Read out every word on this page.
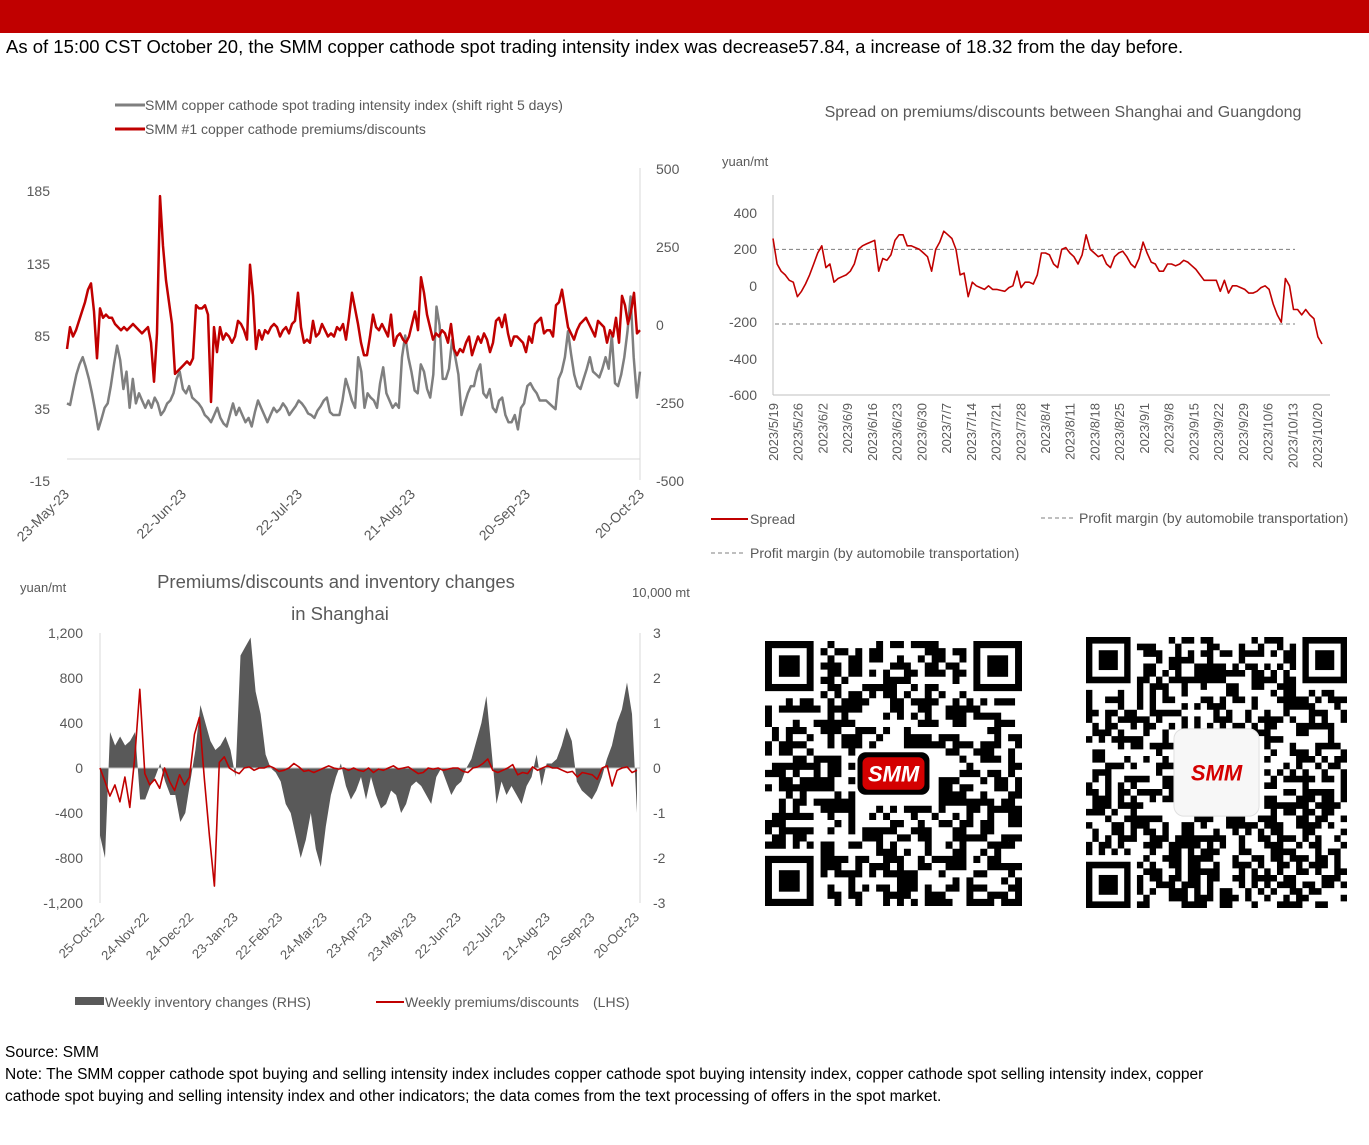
As of 15:00 CST October 20, the SMM copper cathode spot trading intensity index was decrease57.84, a increase of 18.32 from the day before.
SMM copper cathode spot trading intensity index (shift right 5 days)
SMM #1 copper cathode premiums/discounts
185
135
85
35
-15
500
250
0
-250
-500
23-May-23	22-Jun-23	22-Jul-23	21-Aug-23	20-Sep-23	20-Oct-23
Spread on premiums/discounts between Shanghai and Guangdong
yuan/mt
400
200
0
-200
-400
-600
2023/5/19 2023/5/26 2023/6/2 2023/6/9 2023/6/16 2023/6/23 2023/6/30 2023/7/7 2023/7/14 2023/7/21 2023/7/28 2023/8/4 2023/8/11 2023/8/18 2023/8/25 2023/9/1 2023/9/8 2023/9/15 2023/9/22 2023/9/29 2023/10/6 2023/10/13 2023/10/20
Spread	Profit margin (by automobile transportation)
Profit margin (by automobile transportation)
Premiums/discounts and inventory changes
in Shanghai
yuan/mt	10,000 mt
1,200
800
400
0
-400
-800
-1,200
3
2
1
0
-1
-2
-3
25-Oct-22
24-Nov-22
24-Dec-22
23-Jan-23
22-Feb-23
24-Mar-23
23-Apr-23
23-May-23
22-Jun-23
22-Jul-23
21-Aug-23
20-Sep-23
20-Oct-23
Weekly inventory changes (RHS)	Weekly premiums/discounts　(LHS)
SMM	SMM
Source: SMM
Note: The SMM copper cathode spot buying and selling intensity index includes copper cathode spot buying intensity index, copper cathode spot selling intensity index, copper cathode spot buying and selling intensity index and other indicators; the data comes from the text processing of offers in the spot market.
